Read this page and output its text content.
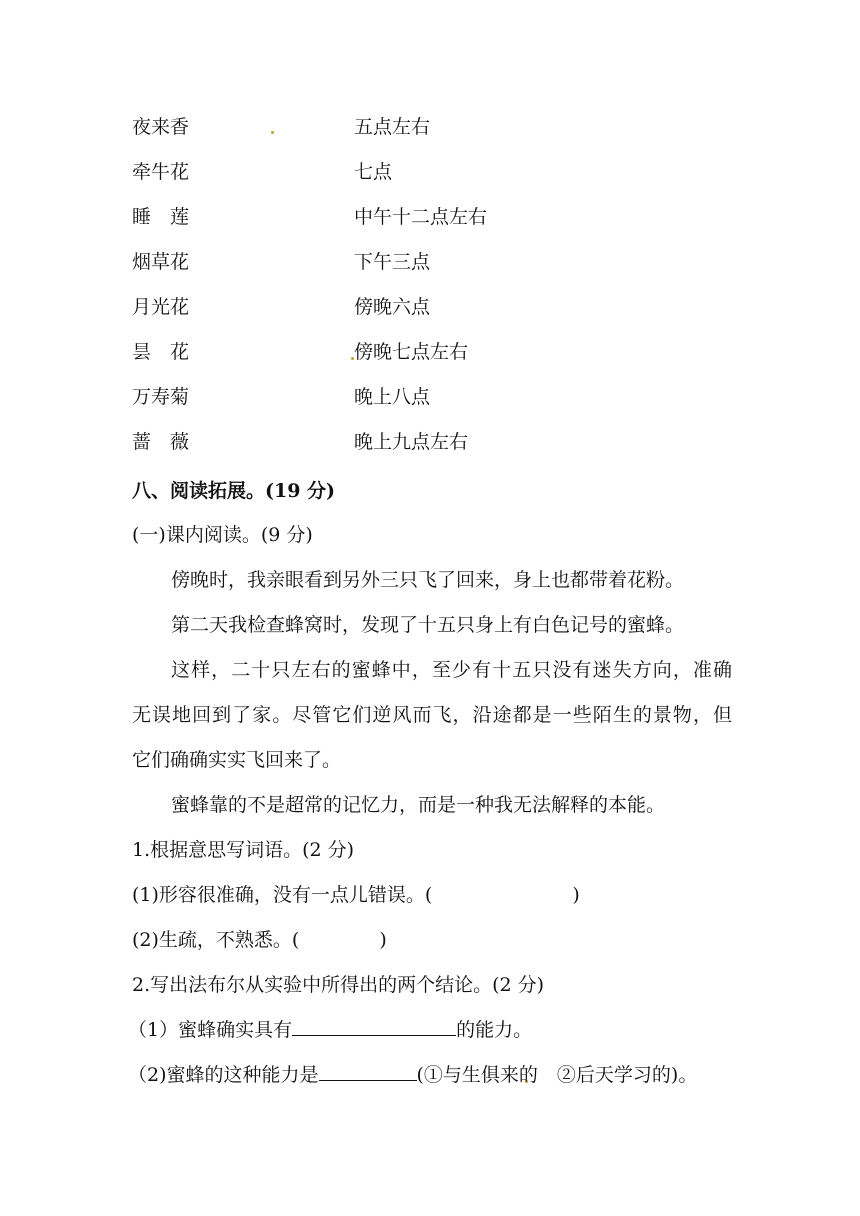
夜来香	五点左右
牵牛花	七点
睡　莲	中午十二点左右
烟草花	下午三点
月光花	傍晚六点
昙　花	傍晚七点左右
万寿菊	晚上八点
蔷　薇	晚上九点左右
八、阅读拓展。(19 分)
(一)课内阅读。(9 分)
傍晚时，我亲眼看到另外三只飞了回来，身上也都带着花粉。
第二天我检查蜂窝时，发现了十五只身上有白色记号的蜜蜂。
这样，二十只左右的蜜蜂中，至少有十五只没有迷失方向，准确
无误地回到了家。尽管它们逆风而飞，沿途都是一些陌生的景物，但
它们确确实实飞回来了。
蜜蜂靠的不是超常的记忆力，而是一种我无法解释的本能。
1.根据意思写词语。(2 分)
(1)形容很准确，没有一点儿错误。(	)
(2)生疏，不熟悉。(	)
2.写出法布尔从实验中所得出的两个结论。(2 分)
（1）蜜蜂确实具有	的能力。
（2)蜜蜂的这种能力是	(①与生俱来的　②后天学习的)。
